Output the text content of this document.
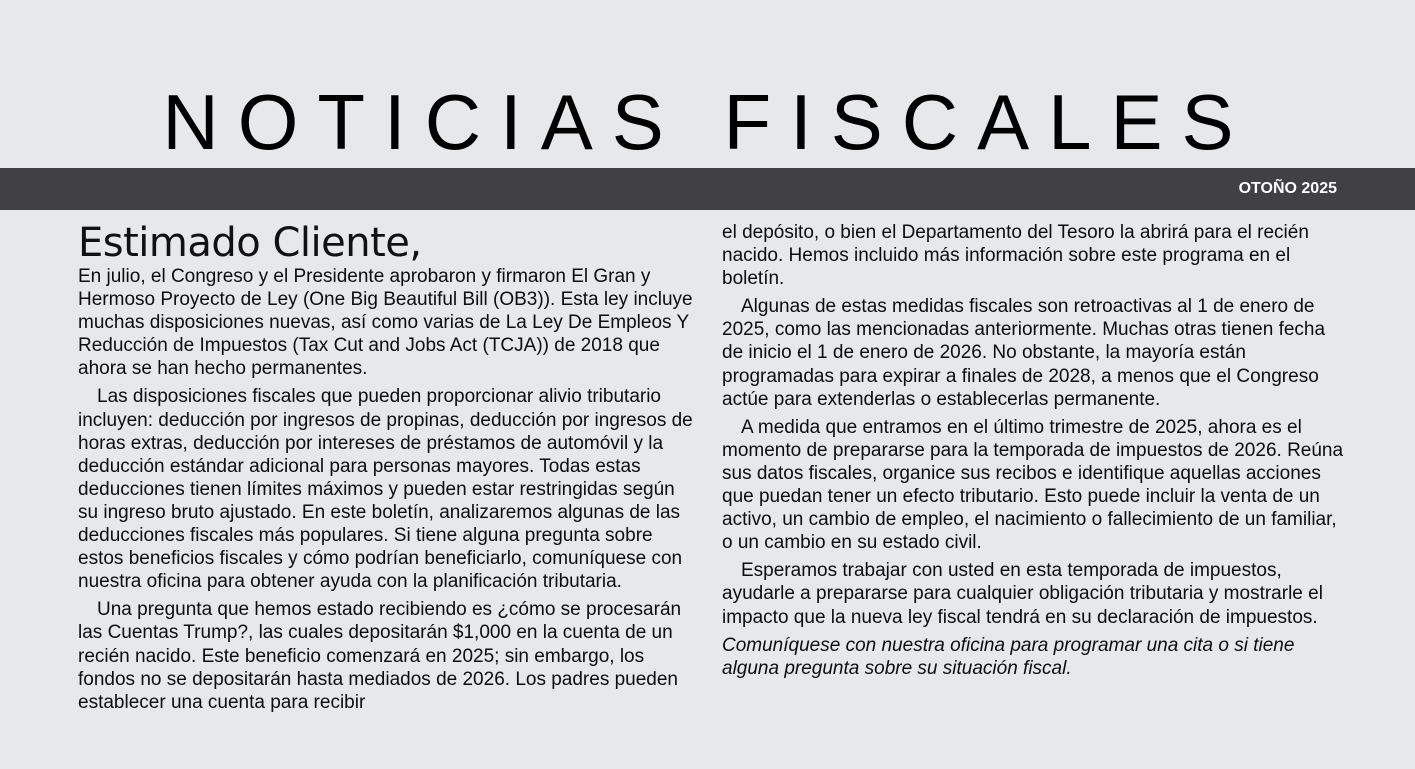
NOTICIAS FISCALES
OTOÑO 2025
Estimado Cliente,

En julio, el Congreso y el Presidente aprobaron y firmaron El Gran y Hermoso Proyecto de Ley (One Big Beautiful Bill (OB3)). Esta ley incluye muchas disposiciones nuevas, así como varias de La Ley De Empleos Y Reducción de Impuestos (Tax Cut and Jobs Act (TCJA)) de 2018 que ahora se han hecho permanentes.

Las disposiciones fiscales que pueden proporcionar alivio tributario incluyen: deducción por ingresos de propinas, deducción por ingresos de horas extras, deducción por intereses de préstamos de automóvil y la deducción estándar adicional para personas mayores. Todas estas deducciones tienen límites máximos y pueden estar restringidas según su ingreso bruto ajustado. En este boletín, analizaremos algunas de las deducciones fiscales más populares. Si tiene alguna pregunta sobre estos beneficios fiscales y cómo podrían beneficiarlo, comuníquese con nuestra oficina para obtener ayuda con la planificación tributaria.

Una pregunta que hemos estado recibiendo es ¿cómo se procesarán las Cuentas Trump?, las cuales depositarán $1,000 en la cuenta de un recién nacido. Este beneficio comenzará en 2025; sin embargo, los fondos no se depositarán hasta mediados de 2026. Los padres pueden establecer una cuenta para recibir

el depósito, o bien el Departamento del Tesoro la abrirá para el recién nacido. Hemos incluido más información sobre este programa en el boletín.

Algunas de estas medidas fiscales son retroactivas al 1 de enero de 2025, como las mencionadas anteriormente. Muchas otras tienen fecha de inicio el 1 de enero de 2026. No obstante, la mayoría están programadas para expirar a finales de 2028, a menos que el Congreso actúe para extenderlas o establecerlas permanente.

A medida que entramos en el último trimestre de 2025, ahora es el momento de prepararse para la temporada de impuestos de 2026. Reúna sus datos fiscales, organice sus recibos e identifique aquellas acciones que puedan tener un efecto tributario. Esto puede incluir la venta de un activo, un cambio de empleo, el nacimiento o fallecimiento de un familiar, o un cambio en su estado civil.

Esperamos trabajar con usted en esta temporada de impuestos, ayudarle a prepararse para cualquier obligación tributaria y mostrarle el impacto que la nueva ley fiscal tendrá en su declaración de impuestos.

Comuníquese con nuestra oficina para programar una cita o si tiene alguna pregunta sobre su situación fiscal.
